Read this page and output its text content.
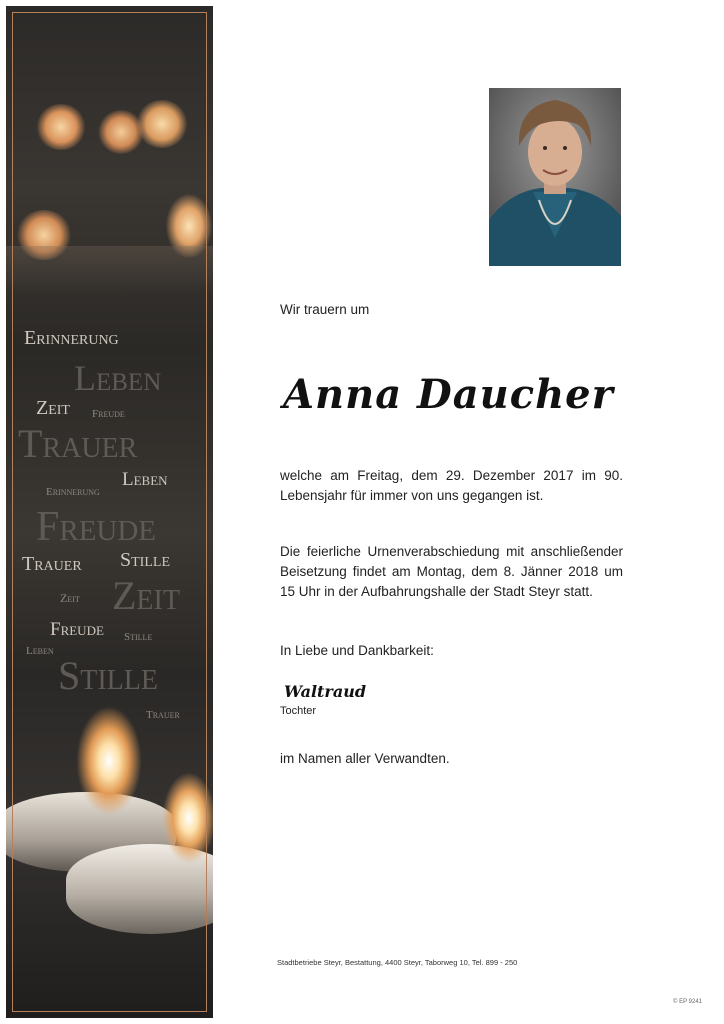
Erinnerung
Leben
Zeit Freude
Trauer
Leben
Erinnerung
Freude
Trauer Stille
Zeit Zeit
Freude Stille
Leben
Stille
Trauer
Wir trauern um
Anna Daucher
welche am Freitag, dem 29. Dezember 2017 im 90. Lebensjahr für immer von uns gegangen ist.
Die feierliche Urnenverabschiedung mit anschließender Beisetzung findet am Montag, dem 8. Jänner 2018 um 15 Uhr in der Aufbahrungshalle der Stadt Steyr statt.
In Liebe und Dankbarkeit:
Waltraud
Tochter
im Namen aller Verwandten.
Stadtbetriebe Steyr, Bestattung, 4400 Steyr, Taborweg 10, Tel. 899 - 250
© EP 9241
